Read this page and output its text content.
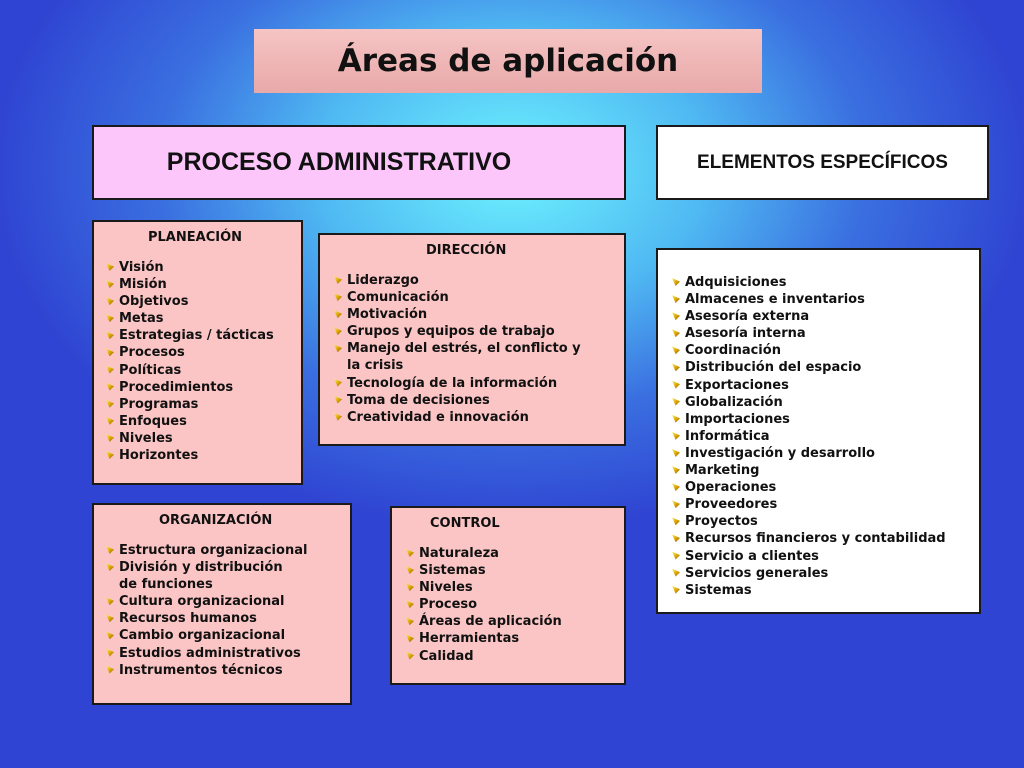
Áreas de aplicación
PROCESO ADMINISTRATIVO	ELEMENTOS ESPECÍFICOS
PLANEACIÓN
Visión
Misión
Objetivos
Metas
Estrategias / tácticas
Procesos
Políticas
Procedimientos
Programas
Enfoques
Niveles
Horizontes
DIRECCIÓN
Liderazgo
Comunicación
Motivación
Grupos y equipos de trabajo
Manejo del estrés, el conflicto y
la crisis
Tecnología de la información
Toma de decisiones
Creatividad e innovación
ORGANIZACIÓN
Estructura organizacional
División y distribución
de funciones
Cultura organizacional
Recursos humanos
Cambio organizacional
Estudios administrativos
Instrumentos técnicos
CONTROL
Naturaleza
Sistemas
Niveles
Proceso
Áreas de aplicación
Herramientas
Calidad
Adquisiciones
Almacenes e inventarios
Asesoría externa
Asesoría interna
Coordinación
Distribución del espacio
Exportaciones
Globalización
Importaciones
Informática
Investigación y desarrollo
Marketing
Operaciones
Proveedores
Proyectos
Recursos financieros y contabilidad
Servicio a clientes
Servicios generales
Sistemas
